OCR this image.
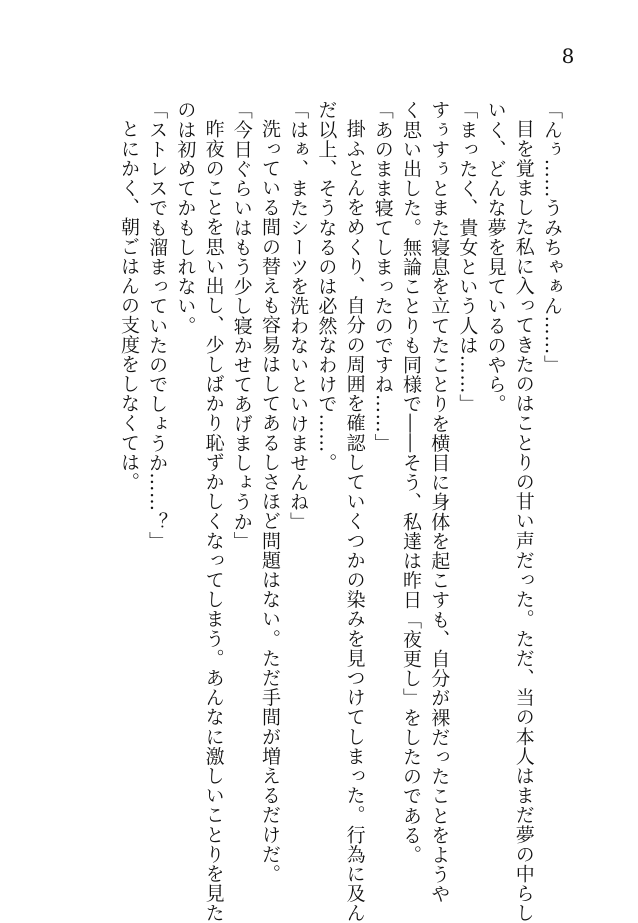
8

「んぅ……うみちゃぁん……」

目を覚ました私に入ってきたのはことりの甘い声だった。ただ、当の本人はまだ夢の中らし

いく、どんな夢を見ているのやら。

「まったく、貴女という人は……」

すぅすぅとまた寝息を立てたことりを横目に身体を起こすも、自分が裸だったことをようや

く思い出した。無論ことりも同様で――そう、私達は昨日「夜更し」をしたのである。

「あのまま寝てしまったのですね……」

掛ふとんをめくり、自分の周囲を確認していくつかの染みを見つけてしまった。行為に及ん

だ以上、そうなるのは必然なわけで……。

「はぁ、またシーツを洗わないといけませんね」

洗っている間の替えも容易はしてあるしさほど問題はない。ただ手間が増えるだけだ。

「今日ぐらいはもう少し寝かせてあげましょうか」

昨夜のことを思い出し、少しばかり恥ずかしくなってしまう。あんなに激しいことりを見た

のは初めてかもしれない。

「ストレスでも溜まっていたのでしょうか……？」

とにかく、朝ごはんの支度をしなくては。
